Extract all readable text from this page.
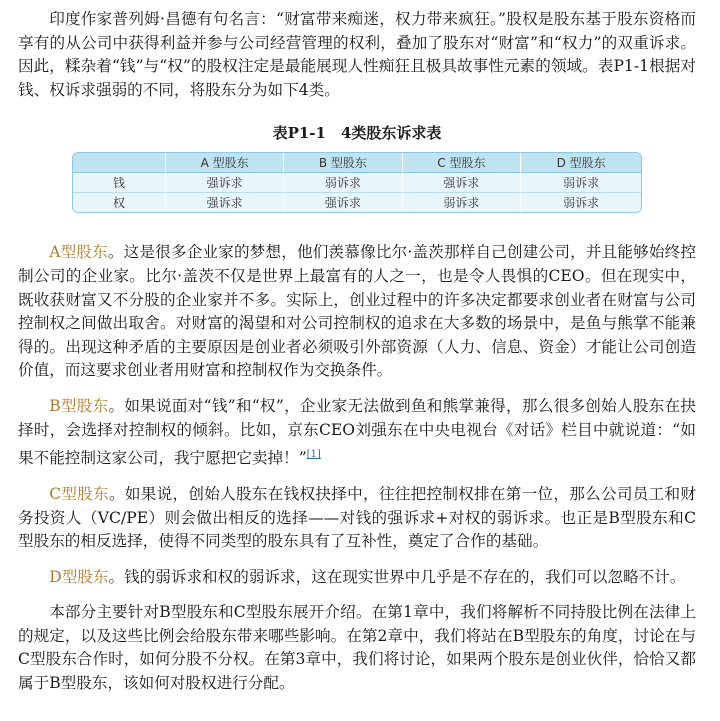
印度作家普列姆·昌德有句名言：“财富带来痴迷，权力带来疯狂。”股权是股东基于股东资格而享有的从公司中获得利益并参与公司经营管理的权利，叠加了股东对“财富”和“权力”的双重诉求。因此，糅杂着“钱”与“权”的股权注定是最能展现人性痴狂且极具故事性元素的领域。表P1-1根据对钱、权诉求强弱的不同，将股东分为如下4类。

表P1-1　4类股东诉求表
	A 型股东	B 型股东	C 型股东	D 型股东
钱	强诉求	弱诉求	强诉求	弱诉求
权	强诉求	强诉求	弱诉求	弱诉求

A型股东。这是很多企业家的梦想，他们羡慕像比尔·盖茨那样自己创建公司，并且能够始终控制公司的企业家。比尔·盖茨不仅是世界上最富有的人之一，也是令人畏惧的CEO。但在现实中，既收获财富又不分股的企业家并不多。实际上，创业过程中的许多决定都要求创业者在财富与公司控制权之间做出取舍。对财富的渴望和对公司控制权的追求在大多数的场景中，是鱼与熊掌不能兼得的。出现这种矛盾的主要原因是创业者必须吸引外部资源（人力、信息、资金）才能让公司创造价值，而这要求创业者用财富和控制权作为交换条件。

B型股东。如果说面对“钱”和“权”，企业家无法做到鱼和熊掌兼得，那么很多创始人股东在抉择时，会选择对控制权的倾斜。比如，京东CEO刘强东在中央电视台《对话》栏目中就说道：“如果不能控制这家公司，我宁愿把它卖掉！”[1]

C型股东。如果说，创始人股东在钱权抉择中，往往把控制权排在第一位，那么公司员工和财务投资人（VC/PE）则会做出相反的选择——对钱的强诉求+对权的弱诉求。也正是B型股东和C型股东的相反选择，使得不同类型的股东具有了互补性，奠定了合作的基础。

D型股东。钱的弱诉求和权的弱诉求，这在现实世界中几乎是不存在的，我们可以忽略不计。

本部分主要针对B型股东和C型股东展开介绍。在第1章中，我们将解析不同持股比例在法律上的规定，以及这些比例会给股东带来哪些影响。在第2章中，我们将站在B型股东的角度，讨论在与C型股东合作时，如何分股不分权。在第3章中，我们将讨论，如果两个股东是创业伙伴，恰恰又都属于B型股东，该如何对股权进行分配。
